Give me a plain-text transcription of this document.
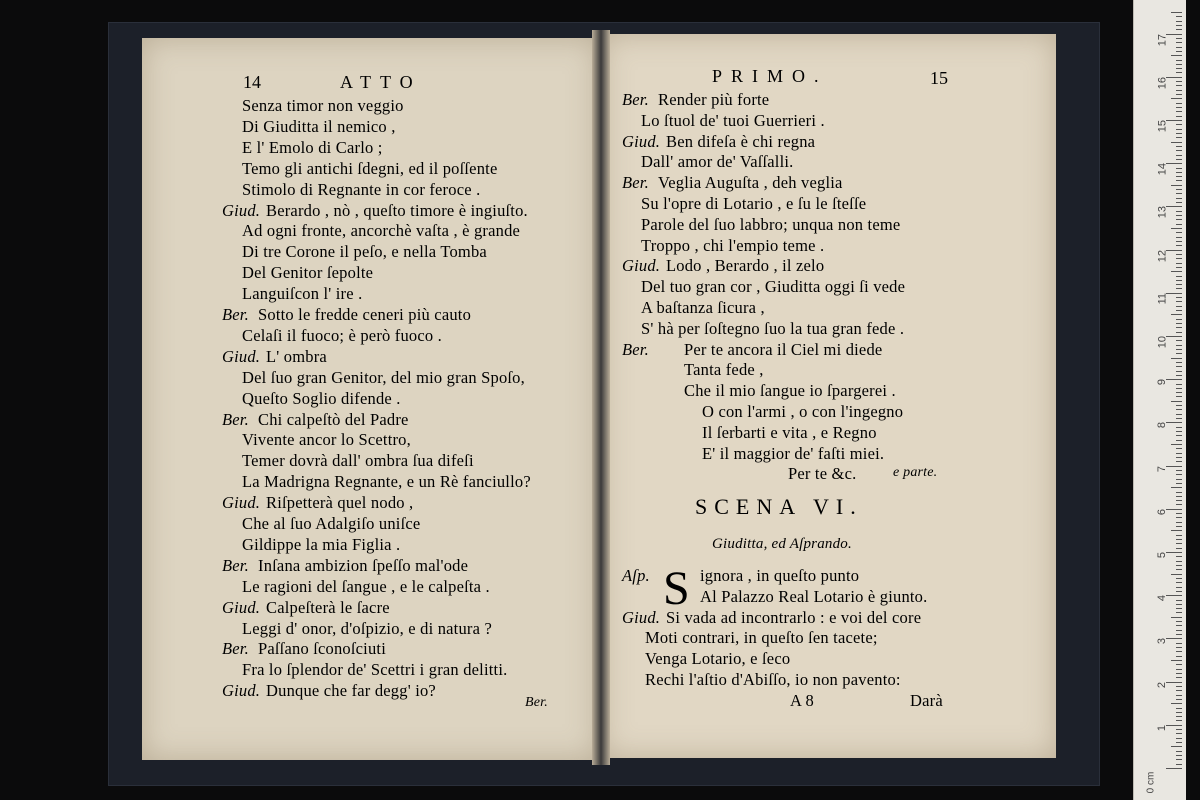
14	ATTO
Senza timor non veggio
Di Giuditta il nemico ,
E l' Emolo di Carlo ;
Temo gli antichi ſdegni, ed il poſſente
Stimolo di Regnante in cor feroce .
Giud. Berardo , nò , queſto timore è ingiuſto.
Ad ogni fronte, ancorchè vaſta , è grande
Di tre Corone il peſo, e nella Tomba
Del Genitor ſepolte
Languiſcon l' ire .
Ber. Sotto le fredde ceneri più cauto
Celaſi il fuoco; è però fuoco .
Giud. L' ombra
Del ſuo gran Genitor, del mio gran Spoſo,
Queſto Soglio difende .
Ber. Chi calpeſtò del Padre
Vivente ancor lo Scettro,
Temer dovrà dall' ombra ſua difeſi
La Madrigna Regnante, e un Rè fanciullo?
Giud. Riſpetterà quel nodo ,
Che al ſuo Adalgiſo uniſce
Gildippe la mia Figlia .
Ber. Inſana ambizion ſpeſſo mal'ode
Le ragioni del ſangue , e le calpeſta .
Giud. Calpeſterà le ſacre
Leggi d' onor, d'oſpizio, e di natura ?
Ber. Paſſano ſconoſciuti
Fra lo ſplendor de' Scettri i gran delitti.
Giud. Dunque che far degg' io?
Ber.
PRIMO.	15
Ber. Render più forte
Lo ſtuol de' tuoi Guerrieri .
Giud. Ben difeſa è chi regna
Dall' amor de' Vaſſalli.
Ber. Veglia Auguſta , deh veglia
Su l'opre di Lotario , e ſu le ſteſſe
Parole del ſuo labbro; unqua non teme
Troppo , chi l'empio teme .
Giud. Lodo , Berardo , il zelo
Del tuo gran cor , Giuditta oggi ſi vede
A baſtanza ſicura ,
S' hà per ſoſtegno ſuo la tua gran fede .
Ber. Per te ancora il Ciel mi diede
Tanta fede ,
Che il mio ſangue io ſpargerei .
O con l'armi , o con l'ingegno
Il ſerbarti e vita , e Regno
E' il maggior de' faſti miei.
Per te &c.	e parte.
SCENA VI.
Giuditta, ed Aſprando.
S
Aſp.	ignora , in queſto punto
Al Palazzo Real Lotario è giunto.
Giud. Si vada ad incontrarlo : e voi del core
Moti contrari, in queſto ſen tacete;
Venga Lotario, e ſeco
Rechi l'aſtio d'Abiſſo, io non pavento:
A 8	Darà
1
2
3
4
5
6
7
8
9
10
11
12
13
14
15
16
17
0 cm
